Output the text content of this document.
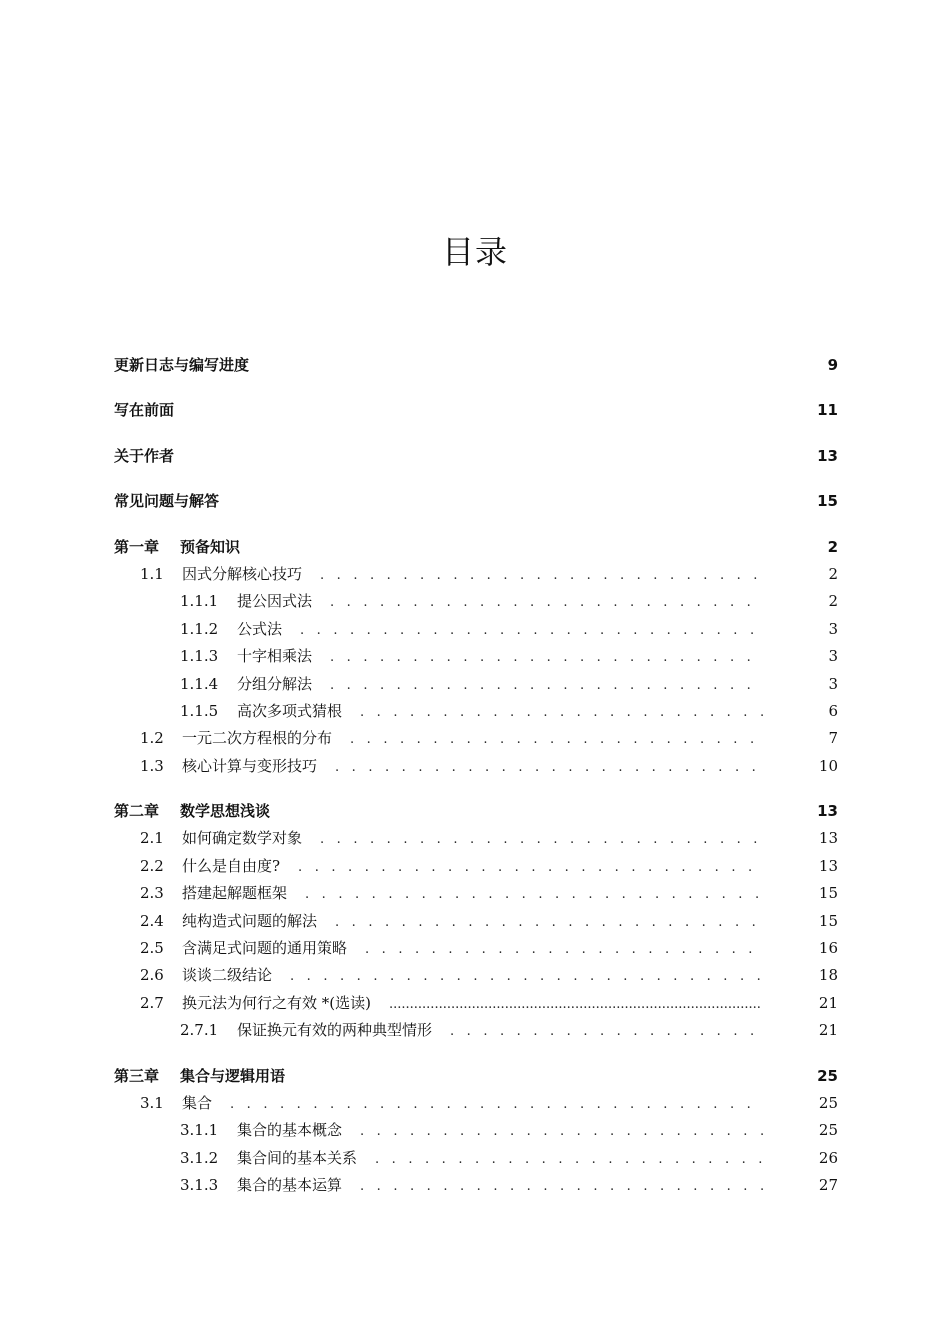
目录
更新日志与编写进度	9
写在前面	11
关于作者	13
常见问题与解答	15
第一章	预备知识	2
1.1	因式分解核心技巧 . . .	2
1.1.1	提公因式法 . . .	2
1.1.2	公式法 . . .	3
1.1.3	十字相乘法 . . .	3
1.1.4	分组分解法 . . .	3
1.1.5	高次多项式猜根 . . .	6
1.2	一元二次方程根的分布 . . .	7
1.3	核心计算与变形技巧 . . .	10
第二章	数学思想浅谈	13
2.1	如何确定数学对象 . . .	13
2.2	什么是自由度? . . .	13
2.3	搭建起解题框架 . . .	15
2.4	纯构造式问题的解法 . . .	15
2.5	含满足式问题的通用策略 . . .	16
2.6	谈谈二级结论 . . .	18
2.7	换元法为何行之有效 *(选读) .....	21
2.7.1	保证换元有效的两种典型情形 . . .	21
第三章	集合与逻辑用语	25
3.1	集合 . . .	25
3.1.1	集合的基本概念 . . .	25
3.1.2	集合间的基本关系 . . .	26
3.1.3	集合的基本运算 . . .	27
